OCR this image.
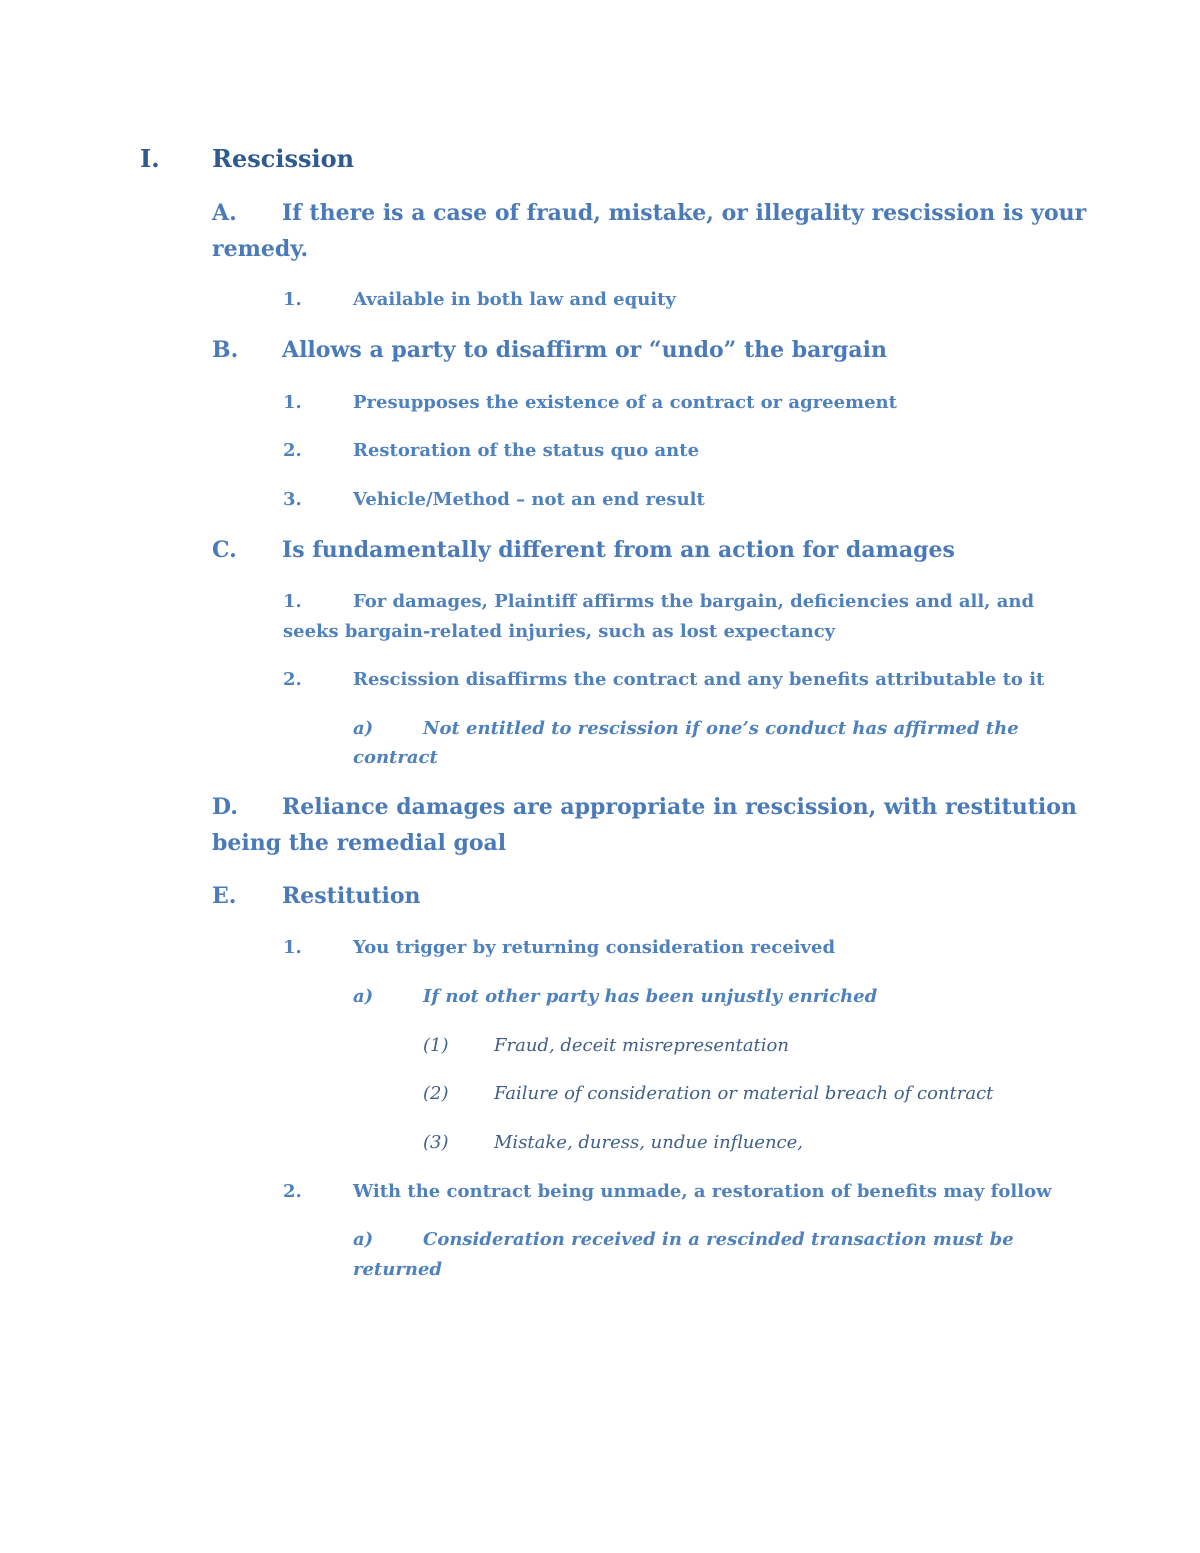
I. Rescission
A. If there is a case of fraud, mistake, or illegality rescission is your
remedy.
1.	Available in both law and equity
B. Allows a party to disaffirm or “undo” the bargain
1.	Presupposes the existence of a contract or agreement
2.	Restoration of the status quo ante
3.	Vehicle/Method – not an end result
C. Is fundamentally different from an action for damages
1.	For damages, Plaintiff affirms the bargain, deficiencies and all, and
seeks bargain-related injuries, such as lost expectancy
2.	Rescission disaffirms the contract and any benefits attributable to it
a)	Not entitled to rescission if one’s conduct has affirmed the
contract
D. Reliance damages are appropriate in rescission, with restitution
being the remedial goal
E. Restitution
1.	You trigger by returning consideration received
a)	If not other party has been unjustly enriched
(1)	Fraud, deceit misrepresentation
(2)	Failure of consideration or material breach of contract
(3)	Mistake, duress, undue influence,
2.	With the contract being unmade, a restoration of benefits may follow
a)	Consideration received in a rescinded transaction must be
returned
